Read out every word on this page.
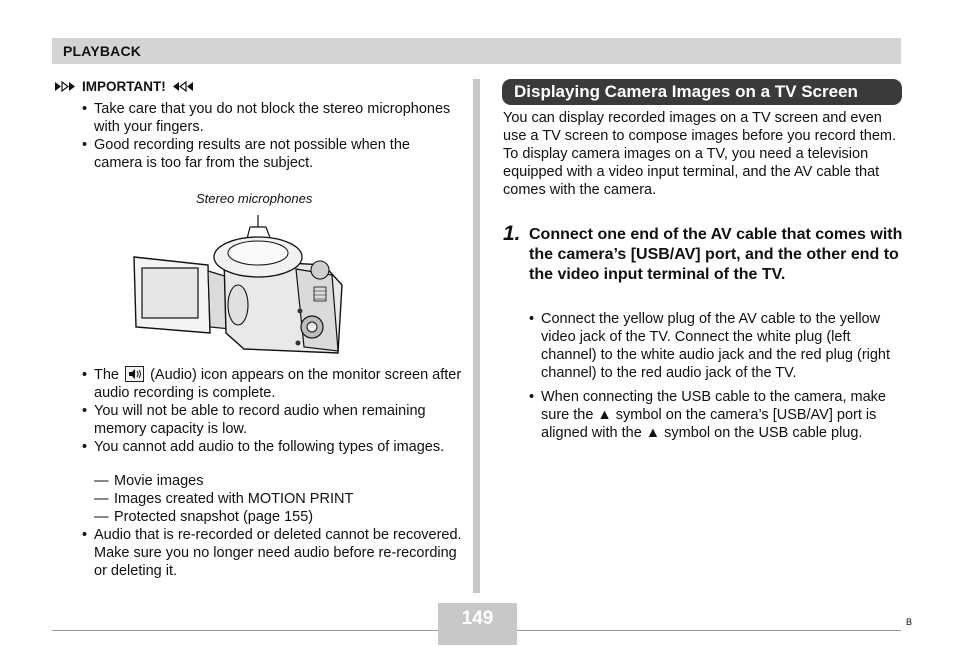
PLAYBACK
IMPORTANT!
• Take care that you do not block the stereo microphones with your fingers.
• Good recording results are not possible when the camera is too far from the subject.
Stereo microphones
• The (Audio) icon appears on the monitor screen after audio recording is complete.
• You will not be able to record audio when remaining memory capacity is low.
• You cannot add audio to the following types of images.
— Movie images
— Images created with MOTION PRINT
— Protected snapshot (page 155)
• Audio that is re-recorded or deleted cannot be recovered. Make sure you no longer need audio before re-recording or deleting it.
Displaying Camera Images on a TV Screen
You can display recorded images on a TV screen and even use a TV screen to compose images before you record them. To display camera images on a TV, you need a television equipped with a video input terminal, and the AV cable that comes with the camera.
1. Connect one end of the AV cable that comes with the camera’s [USB/AV] port, and the other end to the video input terminal of the TV.
• Connect the yellow plug of the AV cable to the yellow video jack of the TV. Connect the white plug (left channel) to the white audio jack and the red plug (right channel) to the red audio jack of the TV.
• When connecting the USB cable to the camera, make sure the ▲ symbol on the camera’s [USB/AV] port is aligned with the ▲ symbol on the USB cable plug.
149	B
